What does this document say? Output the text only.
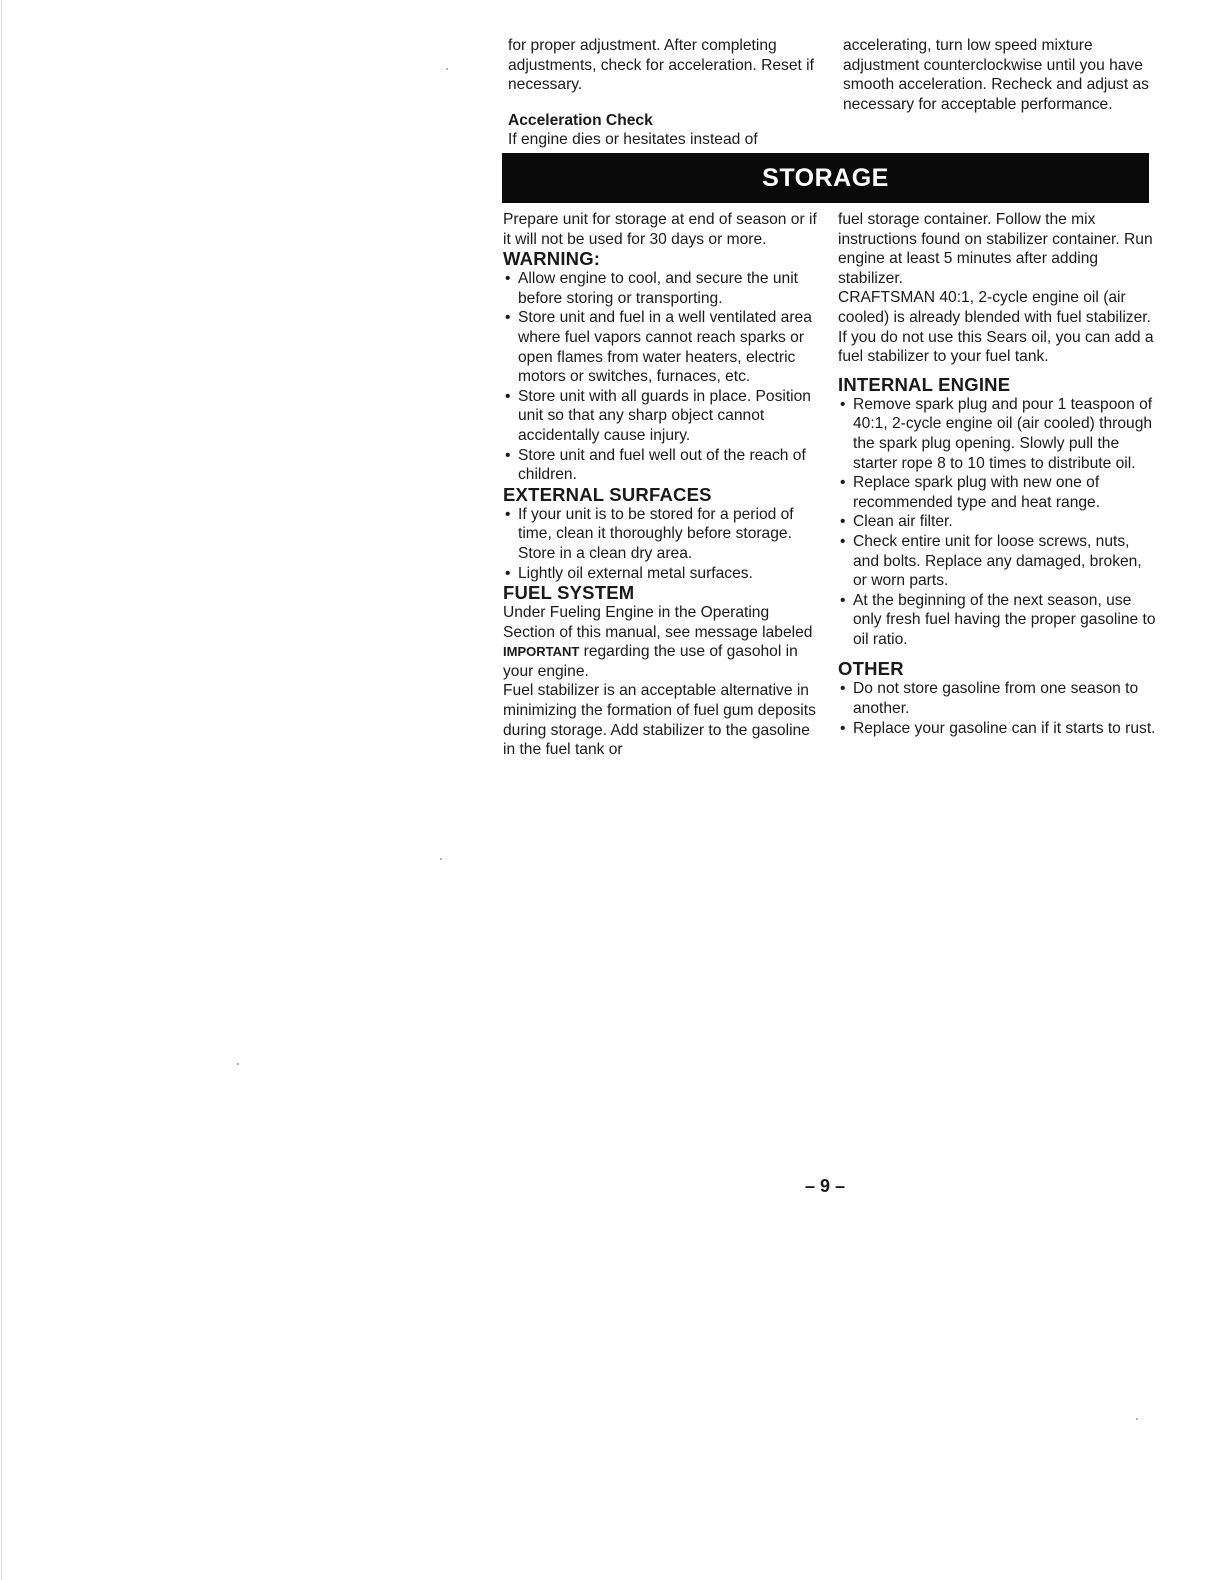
for proper adjustment. After completing adjustments, check for acceleration. Reset if necessary.

Acceleration Check

If engine dies or hesitates instead of

accelerating, turn low speed mixture adjustment counterclockwise until you have smooth acceleration. Recheck and adjust as necessary for acceptable performance.

STORAGE

Prepare unit for storage at end of season or if it will not be used for 30 days or more.

WARNING:

• Allow engine to cool, and secure the unit before storing or transporting.
• Store unit and fuel in a well ventilated area where fuel vapors cannot reach sparks or open flames from water heaters, electric motors or switches, furnaces, etc.
• Store unit with all guards in place. Position unit so that any sharp object cannot accidentally cause injury.
• Store unit and fuel well out of the reach of children.

EXTERNAL SURFACES

• If your unit is to be stored for a period of time, clean it thoroughly before storage. Store in a clean dry area.
• Lightly oil external metal surfaces.

FUEL SYSTEM

Under Fueling Engine in the Operating Section of this manual, see message labeled IMPORTANT regarding the use of gasohol in your engine.

Fuel stabilizer is an acceptable alternative in minimizing the formation of fuel gum deposits during storage. Add stabilizer to the gasoline in the fuel tank or

fuel storage container. Follow the mix instructions found on stabilizer container. Run engine at least 5 minutes after adding stabilizer.

CRAFTSMAN 40:1, 2-cycle engine oil (air cooled) is already blended with fuel stabilizer. If you do not use this Sears oil, you can add a fuel stabilizer to your fuel tank.

INTERNAL ENGINE

• Remove spark plug and pour 1 teaspoon of 40:1, 2-cycle engine oil (air cooled) through the spark plug opening. Slowly pull the starter rope 8 to 10 times to distribute oil.
• Replace spark plug with new one of recommended type and heat range.
• Clean air filter.
• Check entire unit for loose screws, nuts, and bolts. Replace any damaged, broken, or worn parts.
• At the beginning of the next season, use only fresh fuel having the proper gasoline to oil ratio.

OTHER

• Do not store gasoline from one season to another.
• Replace your gasoline can if it starts to rust.
– 9 –
